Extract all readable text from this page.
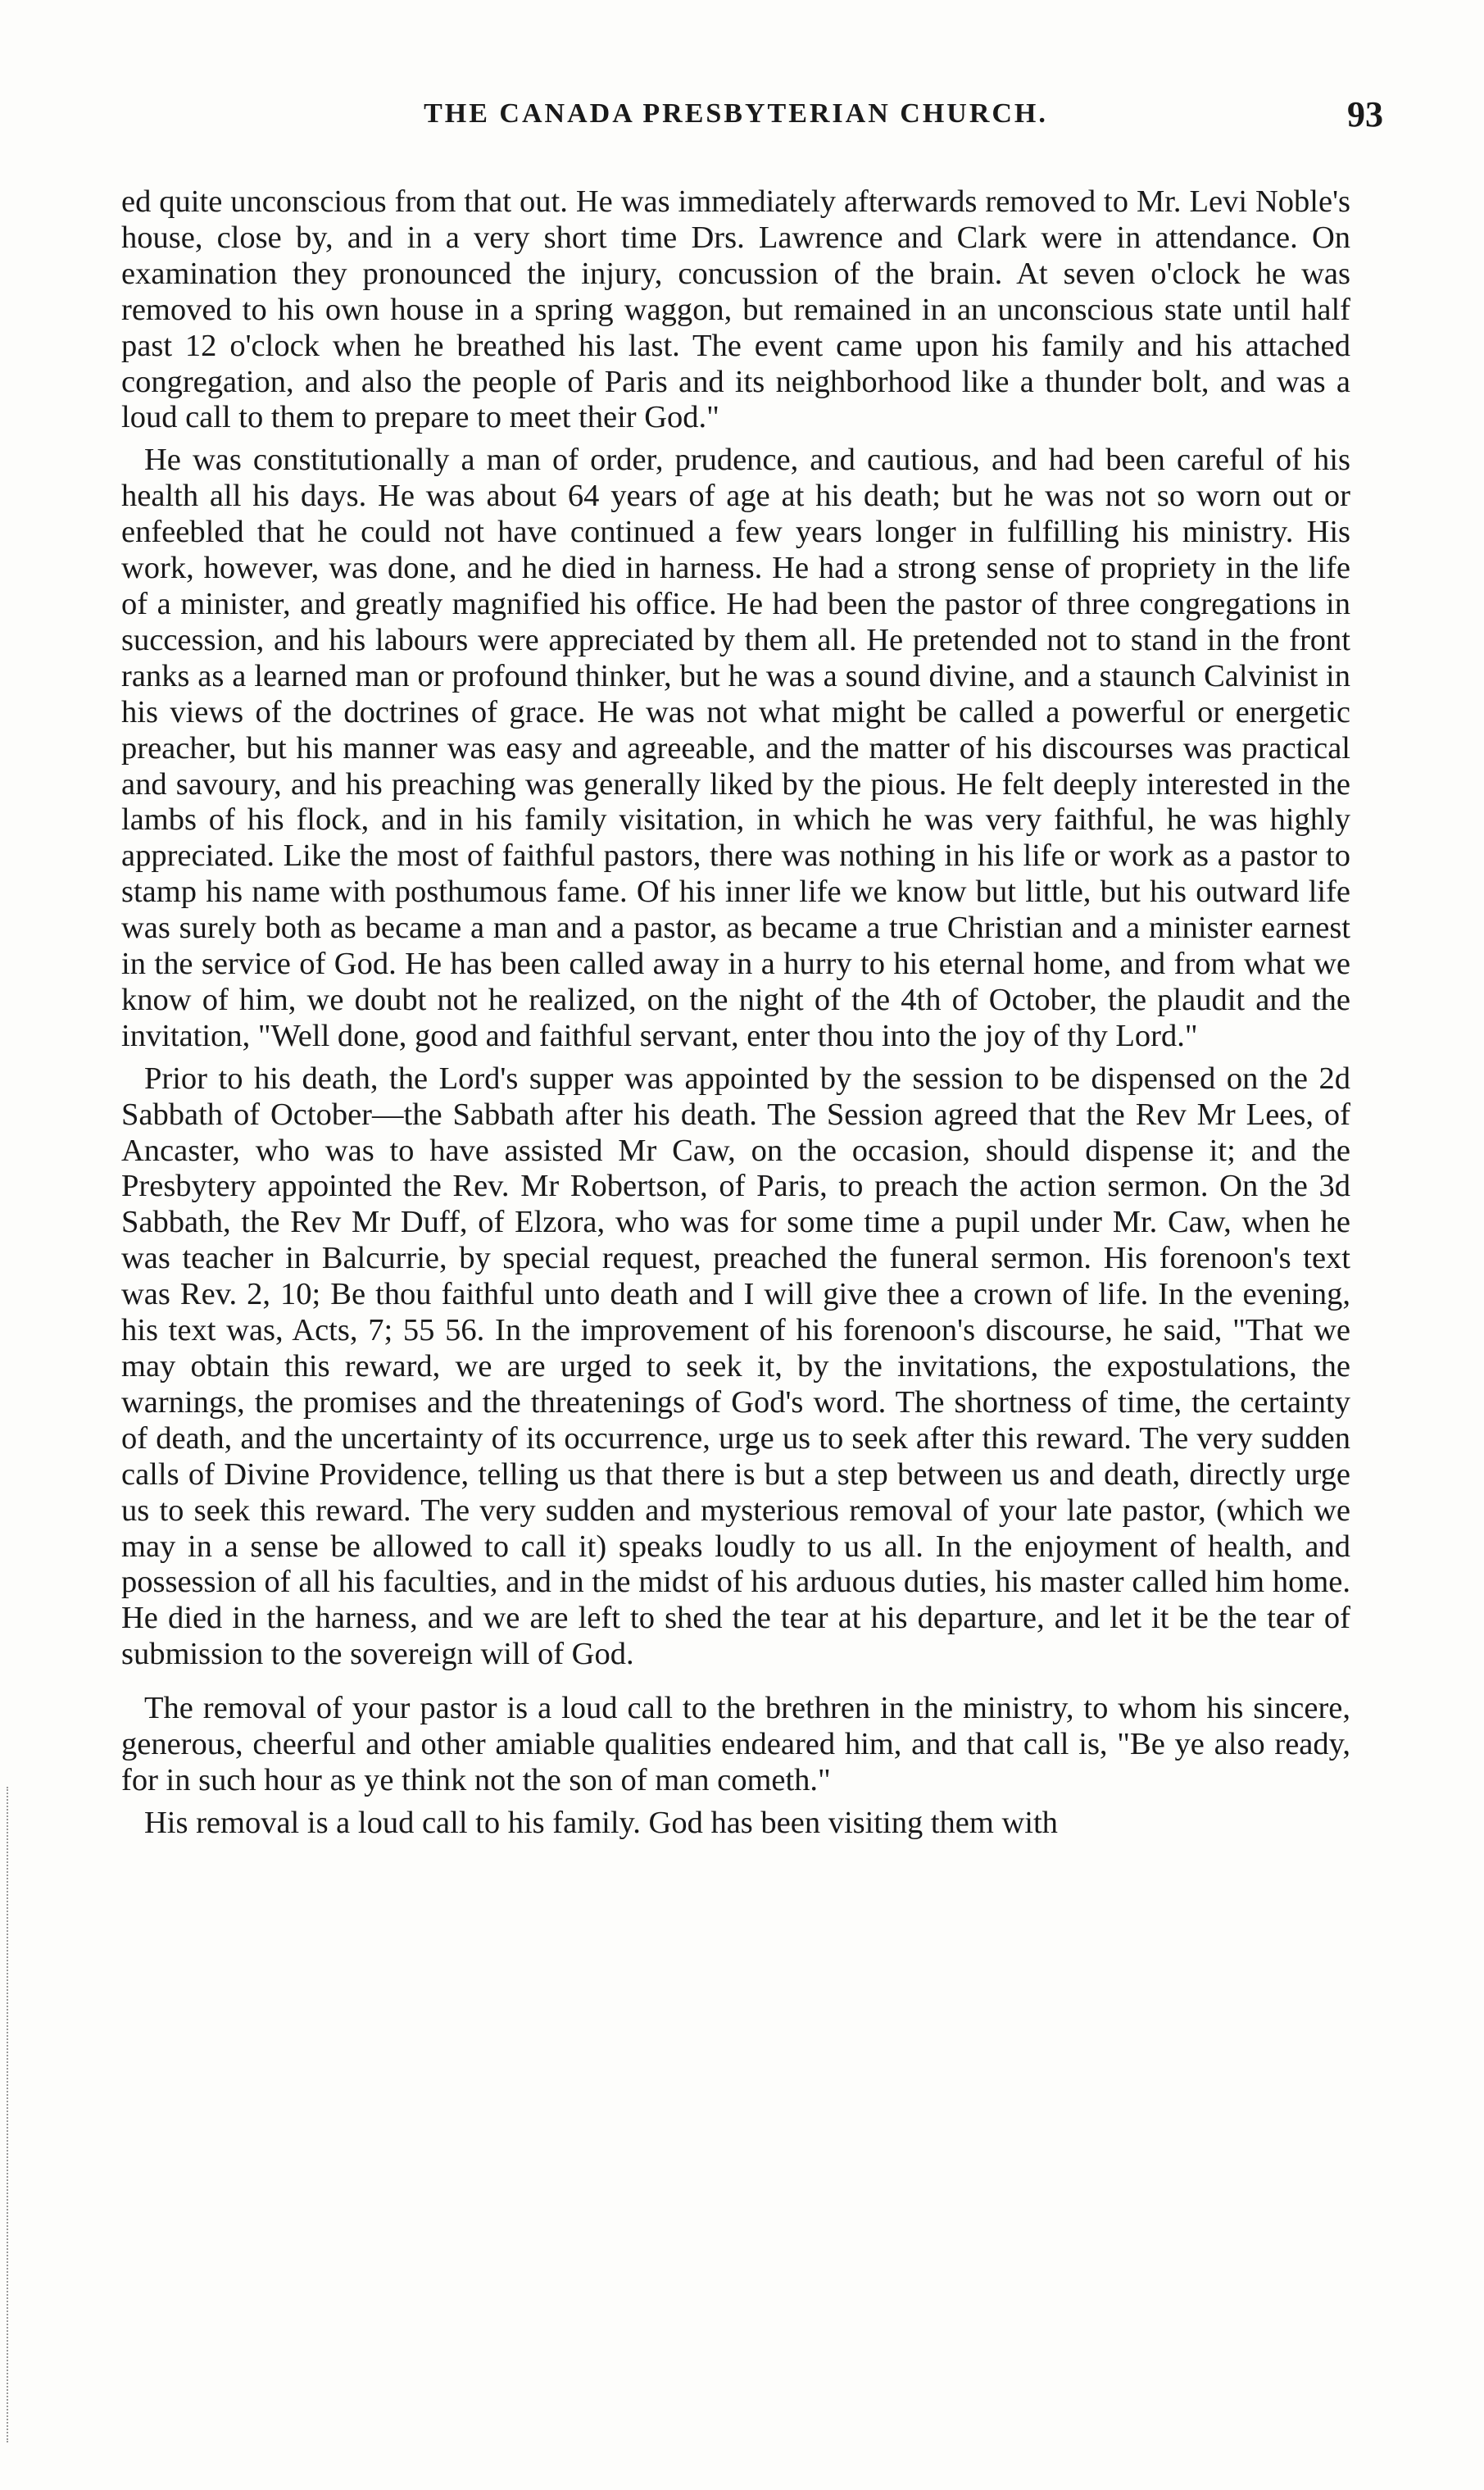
THE CANADA PRESBYTERIAN CHURCH.	93

ed quite unconscious from that out. He was immediately afterwards removed to Mr. Levi Noble's house, close by, and in a very short time Drs. Lawrence and Clark were in attendance. On examination they pronounced the injury, concussion of the brain. At seven o'clock he was removed to his own house in a spring waggon, but remained in an unconscious state until half past 12 o'clock when he breathed his last. The event came upon his family and his attached congregation, and also the people of Paris and its neighborhood like a thunder bolt, and was a loud call to them to prepare to meet their God."

He was constitutionally a man of order, prudence, and cautious, and had been careful of his health all his days. He was about 64 years of age at his death; but he was not so worn out or enfeebled that he could not have continued a few years longer in fulfilling his ministry. His work, however, was done, and he died in harness. He had a strong sense of propriety in the life of a minister, and greatly magnified his office. He had been the pastor of three congregations in succession, and his labours were appreciated by them all. He pretended not to stand in the front ranks as a learned man or profound thinker, but he was a sound divine, and a staunch Calvinist in his views of the doctrines of grace. He was not what might be called a powerful or energetic preacher, but his manner was easy and agreeable, and the matter of his discourses was practical and savoury, and his preaching was generally liked by the pious. He felt deeply interested in the lambs of his flock, and in his family visitation, in which he was very faithful, he was highly appreciated. Like the most of faithful pastors, there was nothing in his life or work as a pastor to stamp his name with posthumous fame. Of his inner life we know but little, but his outward life was surely both as became a man and a pastor, as became a true Christian and a minister earnest in the service of God. He has been called away in a hurry to his eternal home, and from what we know of him, we doubt not he realized, on the night of the 4th of October, the plaudit and the invitation, "Well done, good and faithful servant, enter thou into the joy of thy Lord."

Prior to his death, the Lord's supper was appointed by the session to be dispensed on the 2d Sabbath of October—the Sabbath after his death. The Session agreed that the Rev Mr Lees, of Ancaster, who was to have assisted Mr Caw, on the occasion, should dispense it; and the Presbytery appointed the Rev. Mr Robertson, of Paris, to preach the action sermon. On the 3d Sabbath, the Rev Mr Duff, of Elzora, who was for some time a pupil under Mr. Caw, when he was teacher in Balcurrie, by special request, preached the funeral sermon. His forenoon's text was Rev. 2, 10; Be thou faithful unto death and I will give thee a crown of life. In the evening, his text was, Acts, 7; 55 56. In the improvement of his forenoon's discourse, he said, "That we may obtain this reward, we are urged to seek it, by the invitations, the expostulations, the warnings, the promises and the threatenings of God's word. The shortness of time, the certainty of death, and the uncertainty of its occurrence, urge us to seek after this reward. The very sudden calls of Divine Providence, telling us that there is but a step between us and death, directly urge us to seek this reward. The very sudden and mysterious removal of your late pastor, (which we may in a sense be allowed to call it) speaks loudly to us all. In the enjoyment of health, and possession of all his faculties, and in the midst of his arduous duties, his master called him home. He died in the harness, and we are left to shed the tear at his departure, and let it be the tear of submission to the sovereign will of God.

The removal of your pastor is a loud call to the brethren in the ministry, to whom his sincere, generous, cheerful and other amiable qualities endeared him, and that call is, "Be ye also ready, for in such hour as ye think not the son of man cometh."

His removal is a loud call to his family. God has been visiting them with
